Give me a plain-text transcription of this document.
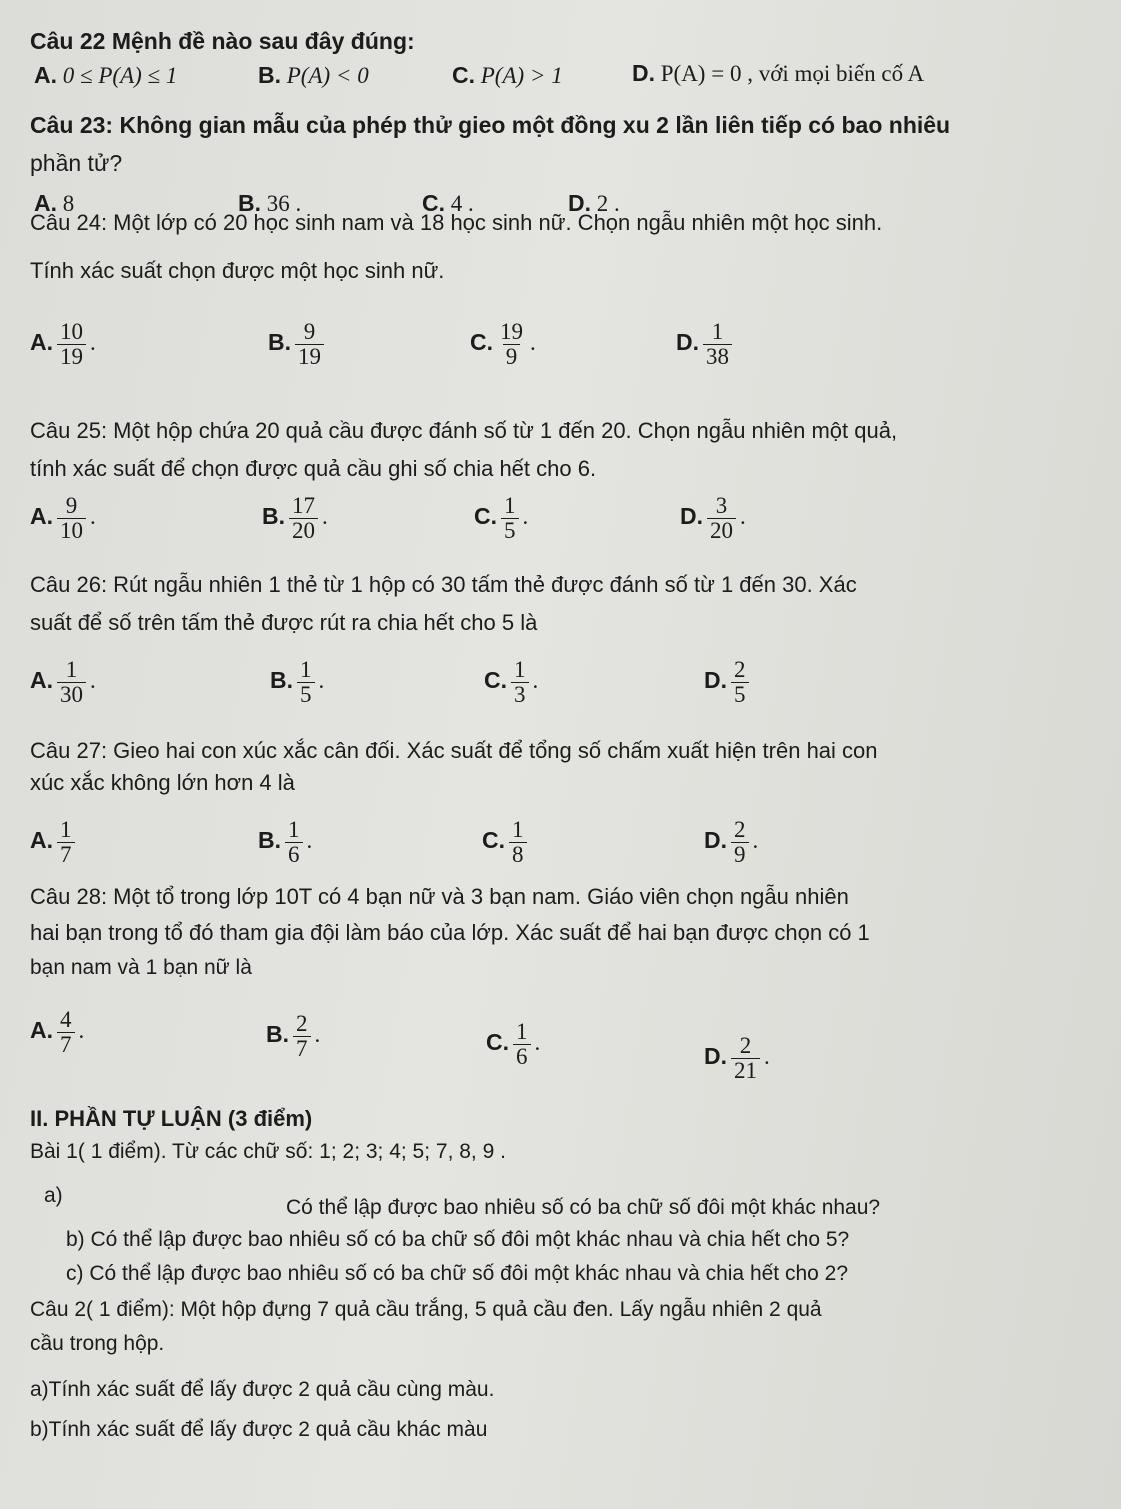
Câu 22 Mệnh đề nào sau đây đúng:
A. 0 ≤ P(A) ≤ 1	B. P(A) < 0	C. P(A) > 1	D. P(A) = 0 , với mọi biến cố A
Câu 23: Không gian mẫu của phép thử gieo một đồng xu 2 lần liên tiếp có bao nhiêu
phần tử?
A. 8	B. 36 .	C. 4 .	D. 2 .
Câu 24: Một lớp có 20 học sinh nam và 18 học sinh nữ. Chọn ngẫu nhiên một học sinh.
Tính xác suất chọn được một học sinh nữ.
A. $\frac{10}{19}$ .	B. $\frac{9}{19}$	C. $\frac{19}{9}$ .	D. $\frac{1}{38}$
Câu 25: Một hộp chứa 20 quả cầu được đánh số từ 1 đến 20. Chọn ngẫu nhiên một quả,
tính xác suất để chọn được quả cầu ghi số chia hết cho 6.
A. $\frac{9}{10}$ .	B. $\frac{17}{20}$ .	C. $\frac{1}{5}$ .	D. $\frac{3}{20}$ .
Câu 26: Rút ngẫu nhiên 1 thẻ từ 1 hộp có 30 tấm thẻ được đánh số từ 1 đến 30. Xác
suất để số trên tấm thẻ được rút ra chia hết cho 5 là
A. $\frac{1}{30}$ .	B. $\frac{1}{5}$ .	C. $\frac{1}{3}$ .	D. $\frac{2}{5}$
Câu 27: Gieo hai con xúc xắc cân đối. Xác suất để tổng số chấm xuất hiện trên hai con
xúc xắc không lớn hơn 4 là
A. $\frac{1}{7}$	B. $\frac{1}{6}$ .	C. $\frac{1}{8}$	D. $\frac{2}{9}$ .
Câu 28: Một tổ trong lớp 10T có 4 bạn nữ và 3 bạn nam. Giáo viên chọn ngẫu nhiên
hai bạn trong tổ đó tham gia đội làm báo của lớp. Xác suất để hai bạn được chọn có 1
bạn nam và 1 bạn nữ là
A. $\frac{4}{7}$ .	B. $\frac{2}{7}$ .	C. $\frac{1}{6}$ .
D. $\frac{2}{21}$ .
II. PHẦN TỰ LUẬN (3 điểm)
Bài 1( 1 điểm). Từ các chữ số: 1; 2; 3; 4; 5; 7, 8, 9 .
a)
Có thể lập được bao nhiêu số có ba chữ số đôi một khác nhau?
b) Có thể lập được bao nhiêu số có ba chữ số đôi một khác nhau và chia hết cho 5?
c) Có thể lập được bao nhiêu số có ba chữ số đôi một khác nhau và chia hết cho 2?
Câu 2( 1 điểm): Một hộp đựng 7 quả cầu trắng, 5 quả cầu đen. Lấy ngẫu nhiên 2 quả
cầu trong hộp.
a)Tính xác suất để lấy được 2 quả cầu cùng màu.
b)Tính xác suất để lấy được 2 quả cầu khác màu
